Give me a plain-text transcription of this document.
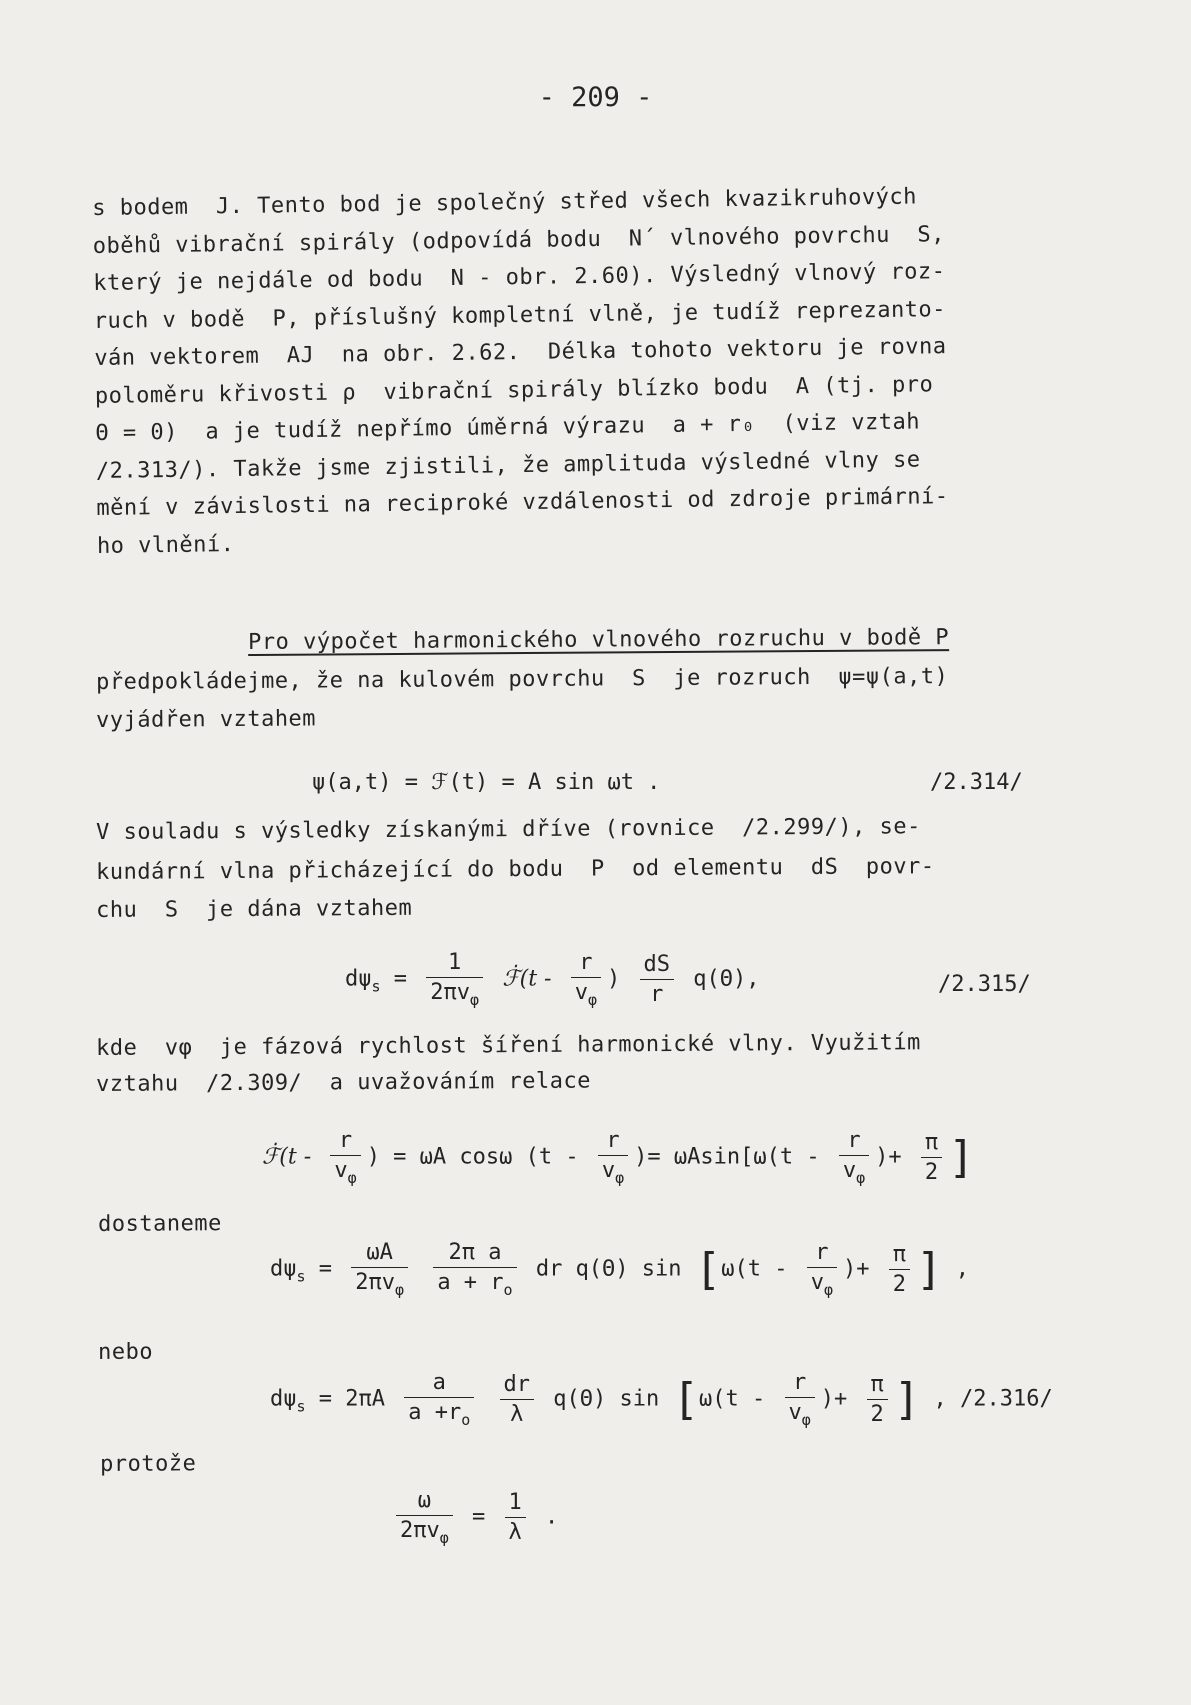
- 209 -
s bodem  J. Tento bod je společný střed všech kvazikruhových
oběhů vibrační spirály (odpovídá bodu  N´ vlnového povrchu  S,
který je nejdále od bodu  N - obr. 2.60). Výsledný vlnový roz-
ruch v bodě  P, příslušný kompletní vlně, je tudíž reprezanto-
ván vektorem  AJ  na obr. 2.62.  Délka tohoto vektoru je rovna
poloměru křivosti ρ  vibrační spirály blízko bodu  A (tj. pro
Θ = 0)  a je tudíž nepřímo úměrná výrazu  a + r₀  (viz vztah
/2.313/). Takže jsme zjistili, že amplituda výsledné vlny se
mění v závislosti na reciproké vzdálenosti od zdroje primární-
ho vlnění.
Pro výpočet harmonického vlnového rozruchu v bodě P
předpokládejme, že na kulovém povrchu  S  je rozruch  ψ=ψ(a,t)
vyjádřen vztahem
ψ(a,t) = ℱ(t) = A sin ωt .	/2.314/
V souladu s výsledky získanými dříve (rovnice  /2.299/), se-
kundární vlna přicházející do bodu  P  od elementu  dS  povr-
chu  S  je dána vztahem
$d\psi_s = \frac{1}{2\pi v_\varphi}$ ℱ̇(t - $\frac{r}{v_\varphi}$ ) $\frac{dS}{r} q(\Theta)$,	/2.315/
kde  vφ  je fázová rychlost šíření harmonické vlny. Využitím
vztahu  /2.309/  a uvažováním relace
ℱ̇(t - $\frac{r}{v_\varphi}$ ) = ωA cosω ($t - \frac{r}{v_\varphi}$ )= $\omega Asin[\omega(t - \frac{r}{v_\varphi}$ )+ $\frac{\pi}{2}$ ]
dostaneme
$d\psi_s = \frac{\omega A}{2\pi v_\varphi}$
$\frac{\text{2π a}}{a + r_o}$ dr q(Θ) $\sin [\omega(t - \frac{r}{v_\varphi}$ )+ $\frac{\pi}{2}$ ] ,
nebo
$d\psi_s = 2\pi A \frac{a}{a +r_o}$
$\frac{dr}{\lambda} q(\Theta)$ $\sin [\omega(t - \frac{r}{v_\varphi}$ )+ $\frac{\pi}{2}$ ] , /2.316/
protože
$\frac{\omega}{2\pi v_\varphi} = \frac{1}{\lambda}$ .
